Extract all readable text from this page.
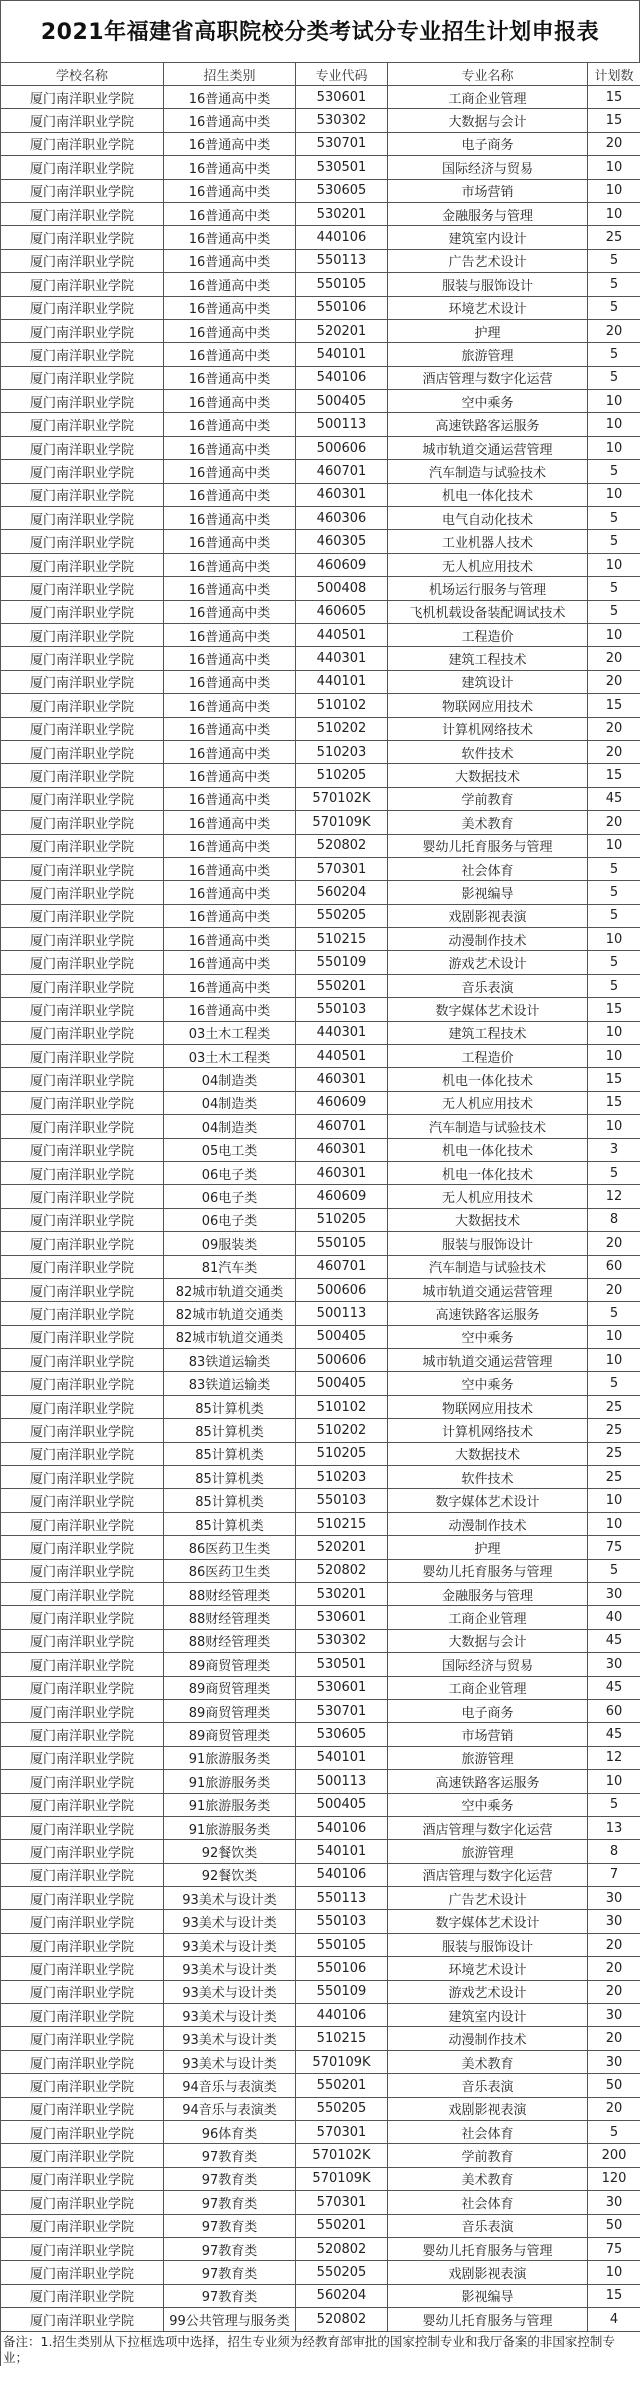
2021年福建省高职院校分类考试分专业招生计划申报表
学校名称	招生类别	专业代码	专业名称	计划数
厦门南洋职业学院	16普通高中类	530601	工商企业管理	15
厦门南洋职业学院	16普通高中类	530302	大数据与会计	15
厦门南洋职业学院	16普通高中类	530701	电子商务	20
厦门南洋职业学院	16普通高中类	530501	国际经济与贸易	10
厦门南洋职业学院	16普通高中类	530605	市场营销	10
厦门南洋职业学院	16普通高中类	530201	金融服务与管理	10
厦门南洋职业学院	16普通高中类	440106	建筑室内设计	25
厦门南洋职业学院	16普通高中类	550113	广告艺术设计	5
厦门南洋职业学院	16普通高中类	550105	服装与服饰设计	5
厦门南洋职业学院	16普通高中类	550106	环境艺术设计	5
厦门南洋职业学院	16普通高中类	520201	护理	20
厦门南洋职业学院	16普通高中类	540101	旅游管理	5
厦门南洋职业学院	16普通高中类	540106	酒店管理与数字化运营	5
厦门南洋职业学院	16普通高中类	500405	空中乘务	10
厦门南洋职业学院	16普通高中类	500113	高速铁路客运服务	10
厦门南洋职业学院	16普通高中类	500606	城市轨道交通运营管理	10
厦门南洋职业学院	16普通高中类	460701	汽车制造与试验技术	5
厦门南洋职业学院	16普通高中类	460301	机电一体化技术	10
厦门南洋职业学院	16普通高中类	460306	电气自动化技术	5
厦门南洋职业学院	16普通高中类	460305	工业机器人技术	5
厦门南洋职业学院	16普通高中类	460609	无人机应用技术	10
厦门南洋职业学院	16普通高中类	500408	机场运行服务与管理	5
厦门南洋职业学院	16普通高中类	460605	飞机机载设备装配调试技术	5
厦门南洋职业学院	16普通高中类	440501	工程造价	10
厦门南洋职业学院	16普通高中类	440301	建筑工程技术	20
厦门南洋职业学院	16普通高中类	440101	建筑设计	20
厦门南洋职业学院	16普通高中类	510102	物联网应用技术	15
厦门南洋职业学院	16普通高中类	510202	计算机网络技术	20
厦门南洋职业学院	16普通高中类	510203	软件技术	20
厦门南洋职业学院	16普通高中类	510205	大数据技术	15
厦门南洋职业学院	16普通高中类	570102K	学前教育	45
厦门南洋职业学院	16普通高中类	570109K	美术教育	20
厦门南洋职业学院	16普通高中类	520802	婴幼儿托育服务与管理	10
厦门南洋职业学院	16普通高中类	570301	社会体育	5
厦门南洋职业学院	16普通高中类	560204	影视编导	5
厦门南洋职业学院	16普通高中类	550205	戏剧影视表演	5
厦门南洋职业学院	16普通高中类	510215	动漫制作技术	10
厦门南洋职业学院	16普通高中类	550109	游戏艺术设计	5
厦门南洋职业学院	16普通高中类	550201	音乐表演	5
厦门南洋职业学院	16普通高中类	550103	数字媒体艺术设计	15
厦门南洋职业学院	03土木工程类	440301	建筑工程技术	10
厦门南洋职业学院	03土木工程类	440501	工程造价	10
厦门南洋职业学院	04制造类	460301	机电一体化技术	15
厦门南洋职业学院	04制造类	460609	无人机应用技术	15
厦门南洋职业学院	04制造类	460701	汽车制造与试验技术	10
厦门南洋职业学院	05电工类	460301	机电一体化技术	3
厦门南洋职业学院	06电子类	460301	机电一体化技术	5
厦门南洋职业学院	06电子类	460609	无人机应用技术	12
厦门南洋职业学院	06电子类	510205	大数据技术	8
厦门南洋职业学院	09服装类	550105	服装与服饰设计	20
厦门南洋职业学院	81汽车类	460701	汽车制造与试验技术	60
厦门南洋职业学院	82城市轨道交通类	500606	城市轨道交通运营管理	20
厦门南洋职业学院	82城市轨道交通类	500113	高速铁路客运服务	5
厦门南洋职业学院	82城市轨道交通类	500405	空中乘务	10
厦门南洋职业学院	83铁道运输类	500606	城市轨道交通运营管理	10
厦门南洋职业学院	83铁道运输类	500405	空中乘务	5
厦门南洋职业学院	85计算机类	510102	物联网应用技术	25
厦门南洋职业学院	85计算机类	510202	计算机网络技术	25
厦门南洋职业学院	85计算机类	510205	大数据技术	25
厦门南洋职业学院	85计算机类	510203	软件技术	25
厦门南洋职业学院	85计算机类	550103	数字媒体艺术设计	10
厦门南洋职业学院	85计算机类	510215	动漫制作技术	10
厦门南洋职业学院	86医药卫生类	520201	护理	75
厦门南洋职业学院	86医药卫生类	520802	婴幼儿托育服务与管理	5
厦门南洋职业学院	88财经管理类	530201	金融服务与管理	30
厦门南洋职业学院	88财经管理类	530601	工商企业管理	40
厦门南洋职业学院	88财经管理类	530302	大数据与会计	45
厦门南洋职业学院	89商贸管理类	530501	国际经济与贸易	30
厦门南洋职业学院	89商贸管理类	530601	工商企业管理	45
厦门南洋职业学院	89商贸管理类	530701	电子商务	60
厦门南洋职业学院	89商贸管理类	530605	市场营销	45
厦门南洋职业学院	91旅游服务类	540101	旅游管理	12
厦门南洋职业学院	91旅游服务类	500113	高速铁路客运服务	10
厦门南洋职业学院	91旅游服务类	500405	空中乘务	5
厦门南洋职业学院	91旅游服务类	540106	酒店管理与数字化运营	13
厦门南洋职业学院	92餐饮类	540101	旅游管理	8
厦门南洋职业学院	92餐饮类	540106	酒店管理与数字化运营	7
厦门南洋职业学院	93美术与设计类	550113	广告艺术设计	30
厦门南洋职业学院	93美术与设计类	550103	数字媒体艺术设计	30
厦门南洋职业学院	93美术与设计类	550105	服装与服饰设计	20
厦门南洋职业学院	93美术与设计类	550106	环境艺术设计	20
厦门南洋职业学院	93美术与设计类	550109	游戏艺术设计	20
厦门南洋职业学院	93美术与设计类	440106	建筑室内设计	30
厦门南洋职业学院	93美术与设计类	510215	动漫制作技术	20
厦门南洋职业学院	93美术与设计类	570109K	美术教育	30
厦门南洋职业学院	94音乐与表演类	550201	音乐表演	50
厦门南洋职业学院	94音乐与表演类	550205	戏剧影视表演	20
厦门南洋职业学院	96体育类	570301	社会体育	5
厦门南洋职业学院	97教育类	570102K	学前教育	200
厦门南洋职业学院	97教育类	570109K	美术教育	120
厦门南洋职业学院	97教育类	570301	社会体育	30
厦门南洋职业学院	97教育类	550201	音乐表演	50
厦门南洋职业学院	97教育类	520802	婴幼儿托育服务与管理	75
厦门南洋职业学院	97教育类	550205	戏剧影视表演	10
厦门南洋职业学院	97教育类	560204	影视编导	15
厦门南洋职业学院	99公共管理与服务类	520802	婴幼儿托育服务与管理	4
备注：1.招生类别从下拉框选项中选择，招生专业须为经教育部审批的国家控制专业和我厅备案的非国家控制专业；
